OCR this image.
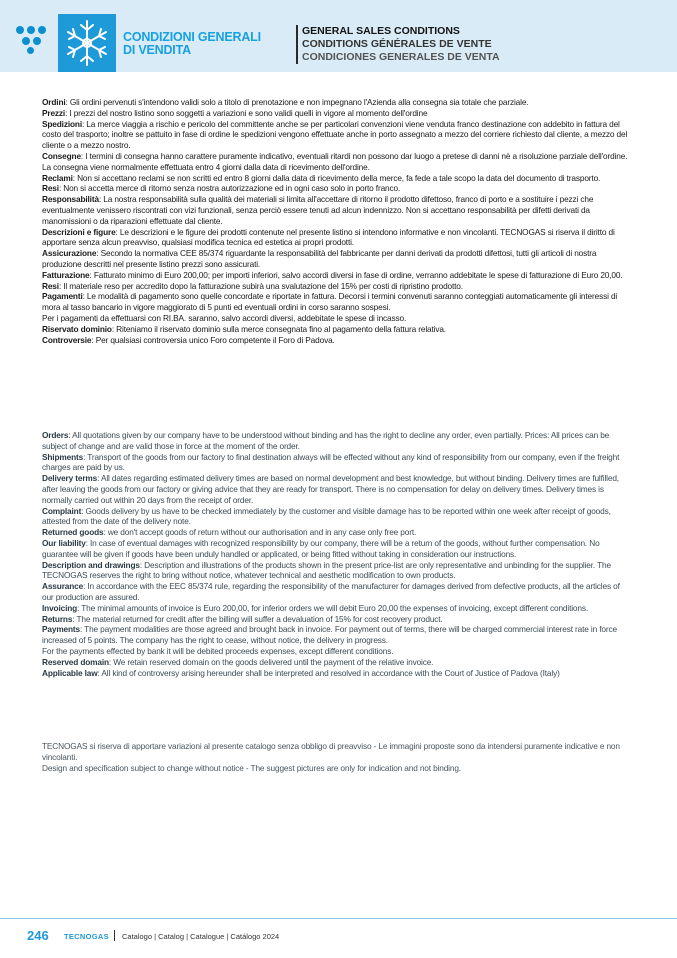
CONDIZIONI GENERALI
DI VENDITA
GENERAL SALES CONDITIONS
CONDITIONS GÉNÉRALES DE VENTE
CONDICIONES GENERALES DE VENTA

Ordini: Gli ordini pervenuti s'intendono validi solo a titolo di prenotazione e non impegnano l'Azienda alla consegna sia totale che parziale.

Prezzi: I prezzi del nostro listino sono soggetti a variazioni e sono validi quelli in vigore al momento dell'ordine

Spedizioni: La merce viaggia a rischio e pericolo del committente anche se per particolari convenzioni viene venduta franco destinazione con addebito in fattura del costo del trasporto; inoltre se pattuito in fase di ordine le spedizioni vengono effettuate anche in porto assegnato a mezzo del corriere richiesto dal cliente, a mezzo del cliente o a mezzo nostro.

Consegne: I termini di consegna hanno carattere puramente indicativo, eventuali ritardi non possono dar luogo a pretese di danni nè a risoluzione parziale dell'ordine. La consegna viene normalmente effettuata entro 4 giorni dalla data di ricevimento dell'ordine.

Reclami: Non si accettano reclami se non scritti ed entro 8 giorni dalla data di ricevimento della merce, fa fede a tale scopo la data del documento di trasporto.

Resi: Non si accetta merce di ritorno senza nostra autorizzazione ed in ogni caso solo in porto franco.

Responsabilità: La nostra responsabilità sulla qualità dei materiali si limita all'accettare di ritorno il prodotto difettoso, franco di porto e a sostituire i pezzi che eventualmente venissero riscontrati con vizi funzionali, senza perciò essere tenuti ad alcun indennizzo. Non si accettano responsabilità per difetti derivati da manomissioni o da riparazioni effettuate dal cliente.

Descrizioni e figure: Le descrizioni e le figure dei prodotti contenute nel presente listino si intendono informative e non vincolanti. TECNOGAS si riserva il diritto di apportare senza alcun preavviso, qualsiasi modifica tecnica ed estetica ai propri prodotti.

Assicurazione: Secondo la normativa CEE 85/374 riguardante la responsabilità del fabbricante per danni derivati da prodotti difettosi, tutti gli articoli di nostra produzione descritti nel presente listino prezzi sono assicurati.

Fatturazione: Fatturato minimo di Euro 200,00; per importi inferiori, salvo accordi diversi in fase di ordine, verranno addebitate le spese di fatturazione di Euro 20,00.

Resi: Il materiale reso per accredito dopo la fatturazione subirà una svalutazione del 15% per costi di ripristino prodotto.

Pagamenti: Le modalità di pagamento sono quelle concordate e riportate in fattura. Decorsi i termini convenuti saranno conteggiati automaticamente gli interessi di mora al tasso bancario in vigore maggiorato di 5 punti ed eventuali ordini in corso saranno sospesi.

Per i pagamenti da effettuarsi con RI.BA. saranno, salvo accordi diversi, addebitate le spese di incasso.

Riservato dominio: Riteniamo il riservato dominio sulla merce consegnata fino al pagamento della fattura relativa.

Controversie: Per qualsiasi controversia unico Foro competente il Foro di Padova.

Orders: All quotations given by our company have to be understood without binding and has the right to decline any order, even partially. Prices: All prices can be subject of change and are valid those in force at the moment of the order.

Shipments: Transport of the goods from our factory to final destination always will be effected without any kind of responsibility from our company, even if the freight charges are paid by us.

Delivery terms: All dates regarding estimated delivery times are based on normal development and best knowledge, but without binding. Delivery times are fulfilled, after leaving the goods from our factory or giving advice that they are ready for transport. There is no compensation for delay on delivery times. Delivery times is normally carried out within 20 days from the receipt of order.

Complaint: Goods delivery by us have to be checked immediately by the customer and visible damage has to be reported within one week after receipt of goods, attested from the date of the delivery note.

Returned goods: we don't accept goods of return without our authorisation and in any case only free port.

Our liability: In case of eventual damages with recognized responsibility by our company, there will be a return of the goods, without further compensation. No guarantee will be given if goods have been unduly handled or applicated, or being fitted without taking in consideration our instructions.

Description and drawings: Description and illustrations of the products shown in the present price-list are only representative and unbinding for the supplier. The TECNOGAS reserves the right to bring without notice, whatever technical and aesthetic modification to own products.

Assurance: In accordance with the EEC 85/374 rule, regarding the responsibility of the manufacturer for damages derived from defective products, all the articles of our production are assured.

Invoicing: The minimal amounts of invoice is Euro 200,00, for inferior orders we will debit Euro 20,00 the expenses of invoicing, except different conditions.

Returns: The material returned for credit after the billing will suffer a devaluation of 15% for cost recovery product.

Payments: The payment modalities are those agreed and brought back in invoice. For payment out of terms, there will be charged commercial interest rate in force increased of 5 points. The company has the right to cease, without notice, the delivery in progress.

For the payments effected by bank it will be debited proceeds expenses, except different conditions.

Reserved domain: We retain reserved domain on the goods delivered until the payment of the relative invoice.

Applicable law: All kind of controversy arising hereunder shall be interpreted and resolved in accordance with the Court of Justice of Padova (Italy)

TECNOGAS si riserva di apportare variazioni al presente catalogo senza obbligo di preavviso - Le immagini proposte sono da intendersi puramente indicative e non vincolanti.

Design and specification subject to change without notice - The suggest pictures are only for indication and not binding.

246 TECNOGAS Catalogo | Catalog | Catalogue | Catálogo 2024
